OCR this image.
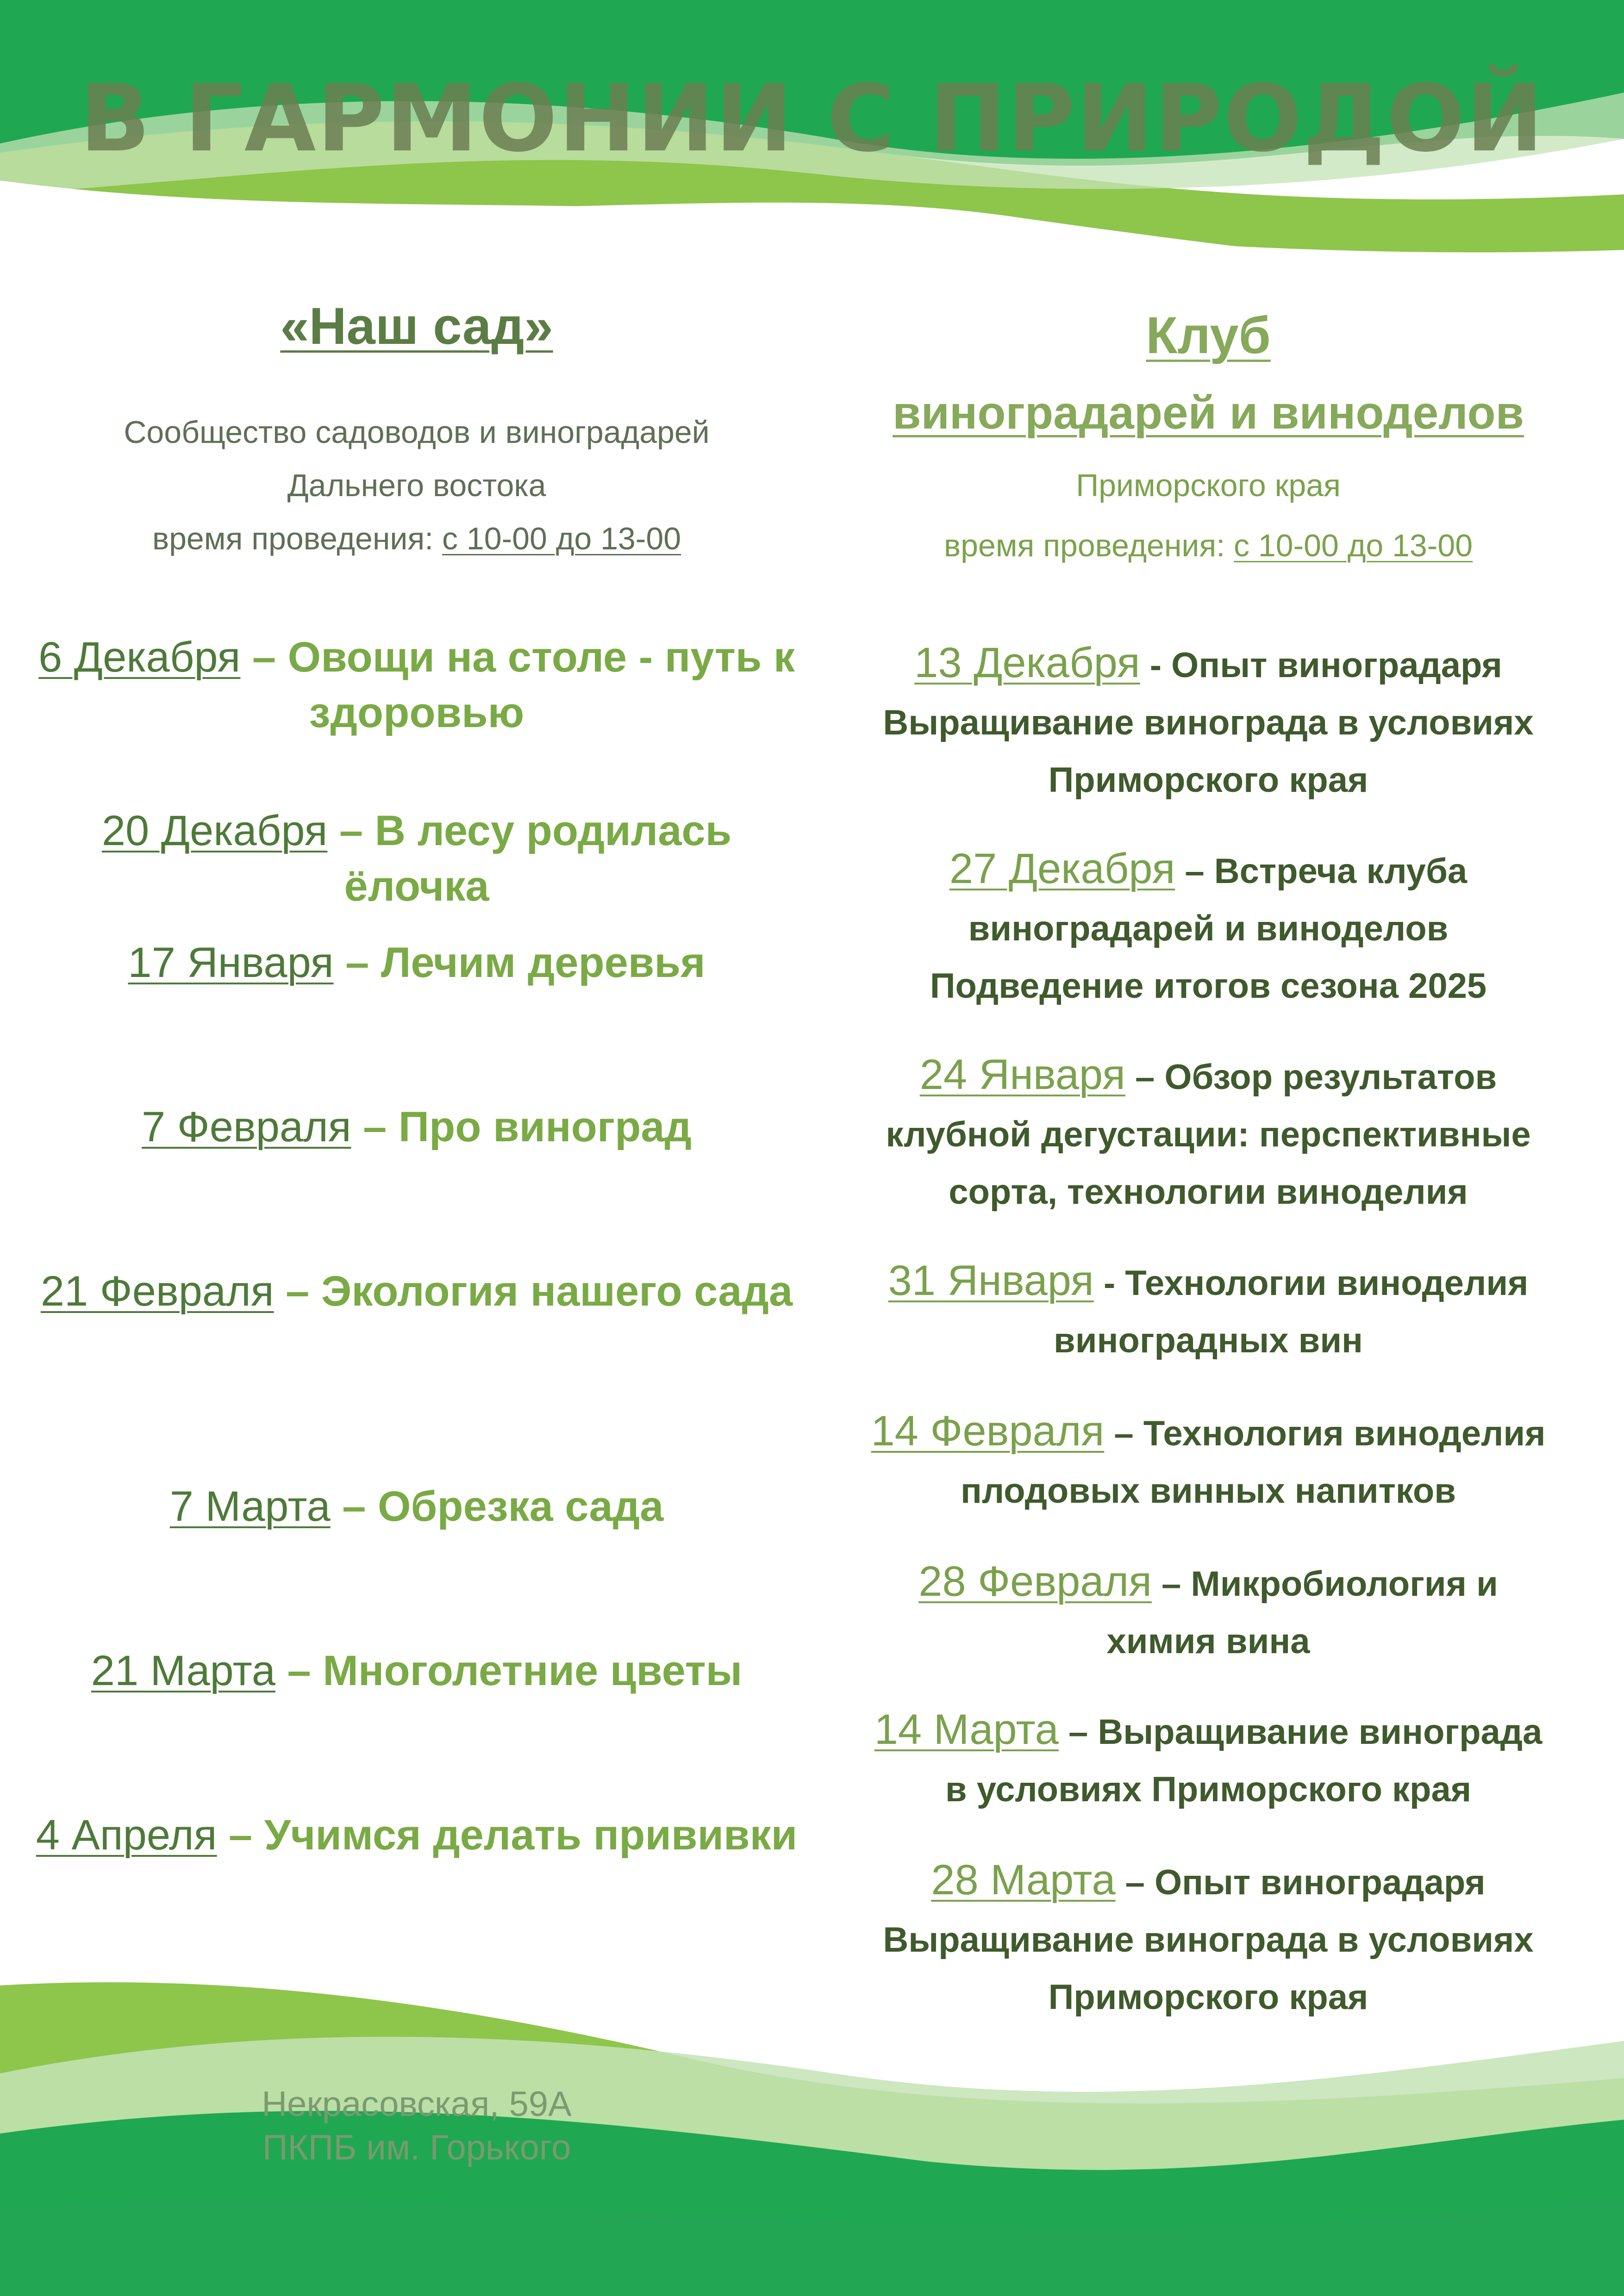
В ГАРМОНИИ С ПРИРОДОЙ
«Наш сад»

Сообщество садоводов и виноградарей

Дальнего востока

время проведения: с 10-00 до 13-00

6 Декабря – Овощи на столе - путь к здоровью

20 Декабря – В лесу родилась ёлочка

17 Января – Лечим деревья

7 Февраля – Про виноград

21 Февраля – Экология нашего сада

7 Марта – Обрезка сада

21 Марта – Многолетние цветы

4 Апреля – Учимся делать прививки

Клуб
виноградарей и виноделов

Приморского края

время проведения: с 10-00 до 13-00

13 Декабря - Опыт виноградаря
Выращивание винограда в условиях
Приморского края

27 Декабря – Встреча клуба
виноградарей и виноделов
Подведение итогов сезона 2025

24 Января – Обзор результатов
клубной дегустации: перспективные
сорта, технологии виноделия

31 Января - Технологии виноделия
виноградных вин

14 Февраля – Технология виноделия
плодовых винных напитков

28 Февраля – Микробиология и
химия вина

14 Марта – Выращивание винограда
в условиях Приморского края

28 Марта – Опыт виноградаря
Выращивание винограда в условиях
Приморского края

Некрасовская, 59А
ПКПБ им. Горького
